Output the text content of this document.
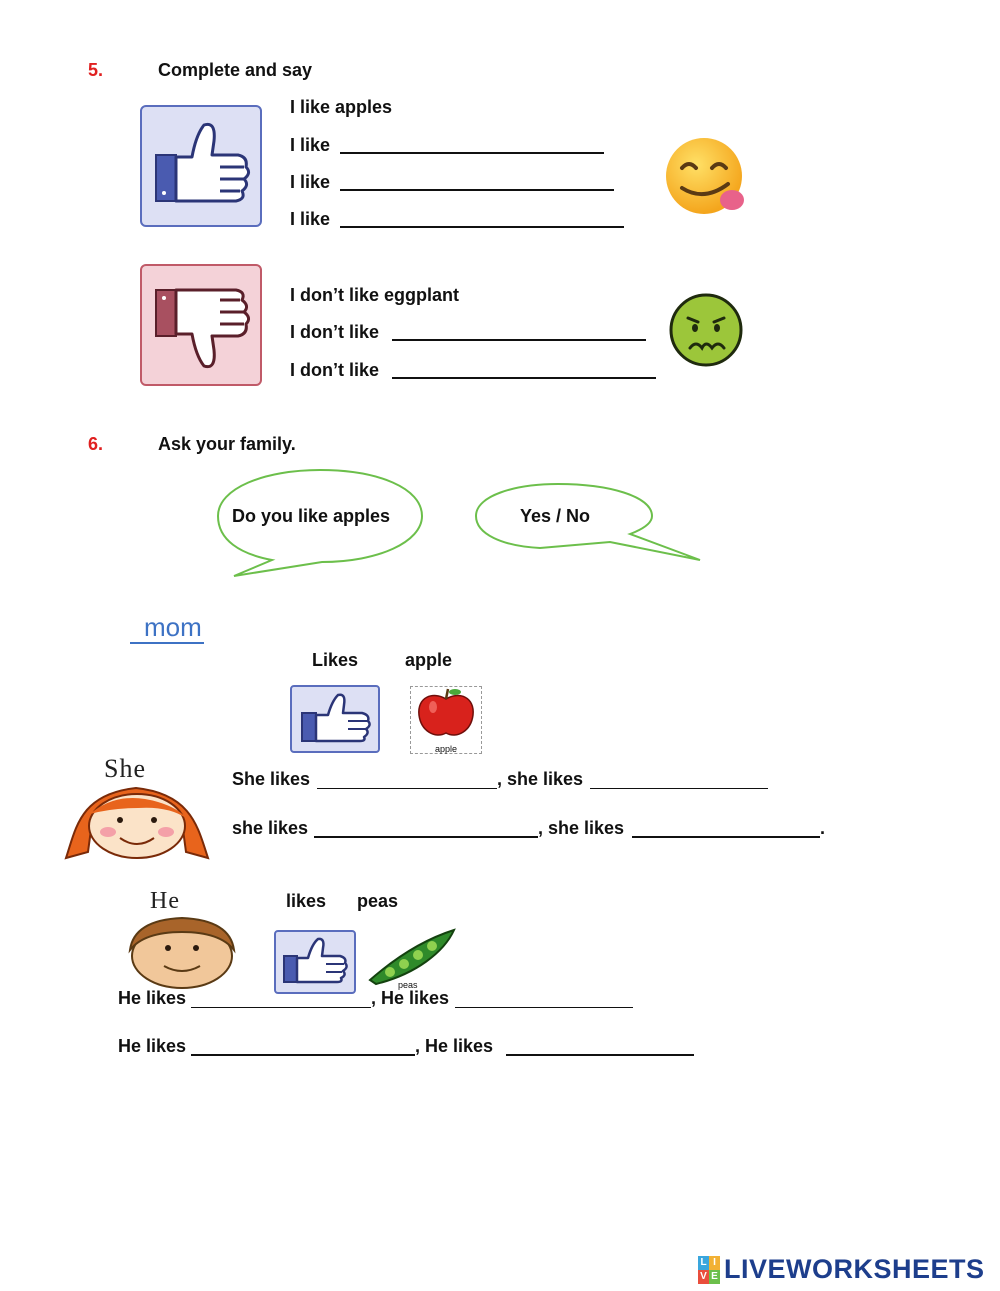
5.	Complete and say
I like apples
I like
I like
I like
I don’t like eggplant
I don’t like
I don’t like
6.	Ask your family.
Do you like apples	Yes / No
mom
Likes	apple
apple
She	She likes	, she likes
she likes	, she likes	.
He	likes peas
peas
He likes	, He likes
He likes	, He likes
L I
V E LIVEWORKSHEETS
